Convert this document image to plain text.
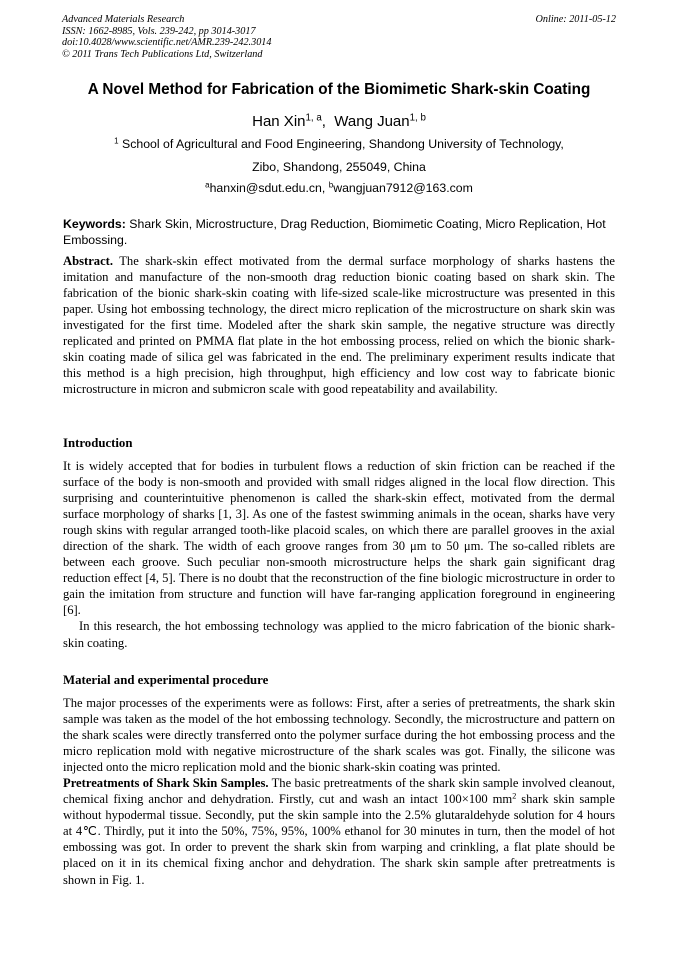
Advanced Materials Research
ISSN: 1662-8985, Vols. 239-242, pp 3014-3017
doi:10.4028/www.scientific.net/AMR.239-242.3014
© 2011 Trans Tech Publications Ltd, Switzerland
Online: 2011-05-12
A Novel Method for Fabrication of the Biomimetic Shark-skin Coating
Han Xin$^{1, a}$,  Wang Juan$^{1, b}$
$^1$ School of Agricultural and Food Engineering, Shandong University of Technology,
Zibo, Shandong, 255049, China
$^a$hanxin@sdut.edu.cn, $^b$wangjuan7912@163.com
Keywords: Shark Skin, Microstructure, Drag Reduction, Biomimetic Coating, Micro Replication, Hot Embossing.

Abstract. The shark-skin effect motivated from the dermal surface morphology of sharks hastens the imitation and manufacture of the non-smooth drag reduction bionic coating based on shark skin. The fabrication of the bionic shark-skin coating with life-sized scale-like microstructure was presented in this paper. Using hot embossing technology, the direct micro replication of the microstructure on shark skin was investigated for the first time. Modeled after the shark skin sample, the negative structure was directly replicated and printed on PMMA flat plate in the hot embossing process, relied on which the bionic shark-skin coating made of silica gel was fabricated in the end. The preliminary experiment results indicate that this method is a high precision, high throughput, high efficiency and low cost way to fabricate bionic microstructure in micron and submicron scale with good repeatability and availability.

Introduction

It is widely accepted that for bodies in turbulent flows a reduction of skin friction can be reached if the surface of the body is non-smooth and provided with small ridges aligned in the local flow direction. This surprising and counterintuitive phenomenon is called the shark-skin effect, motivated from the dermal surface morphology of sharks [1, 3]. As one of the fastest swimming animals in the ocean, sharks have very rough skins with regular arranged tooth-like placoid scales, on which there are parallel grooves in the axial direction of the shark. The width of each groove ranges from 30 μm to 50 μm. The so-called riblets are between each groove. Such peculiar non-smooth microstructure helps the shark gain significant drag reduction effect [4, 5]. There is no doubt that the reconstruction of the fine biologic microstructure in order to gain the imitation from structure and function will have far-ranging application foreground in engineering [6].

In this research, the hot embossing technology was applied to the micro fabrication of the bionic shark-skin coating.

Material and experimental procedure

The major processes of the experiments were as follows: First, after a series of pretreatments, the shark skin sample was taken as the model of the hot embossing technology. Secondly, the microstructure and pattern on the shark scales were directly transferred onto the polymer surface during the hot embossing process and the micro replication mold with negative microstructure of the shark scales was got. Finally, the silicone was injected onto the micro replication mold and the bionic shark-skin coating was printed.

Pretreatments of Shark Skin Samples. The basic pretreatments of the shark skin sample involved cleanout, chemical fixing anchor and dehydration. Firstly, cut and wash an intact 100×100 $mm^2$ shark skin sample without hypodermal tissue. Secondly, put the skin sample into the 2.5% glutaraldehyde solution for 4 hours at 4℃. Thirdly, put it into the 50%, 75%, 95%, 100% ethanol for 30 minutes in turn, then the model of hot embossing was got. In order to prevent the shark skin from warping and crinkling, a flat plate should be placed on it in its chemical fixing anchor and dehydration. The shark skin sample after pretreatments is shown in Fig. 1.
